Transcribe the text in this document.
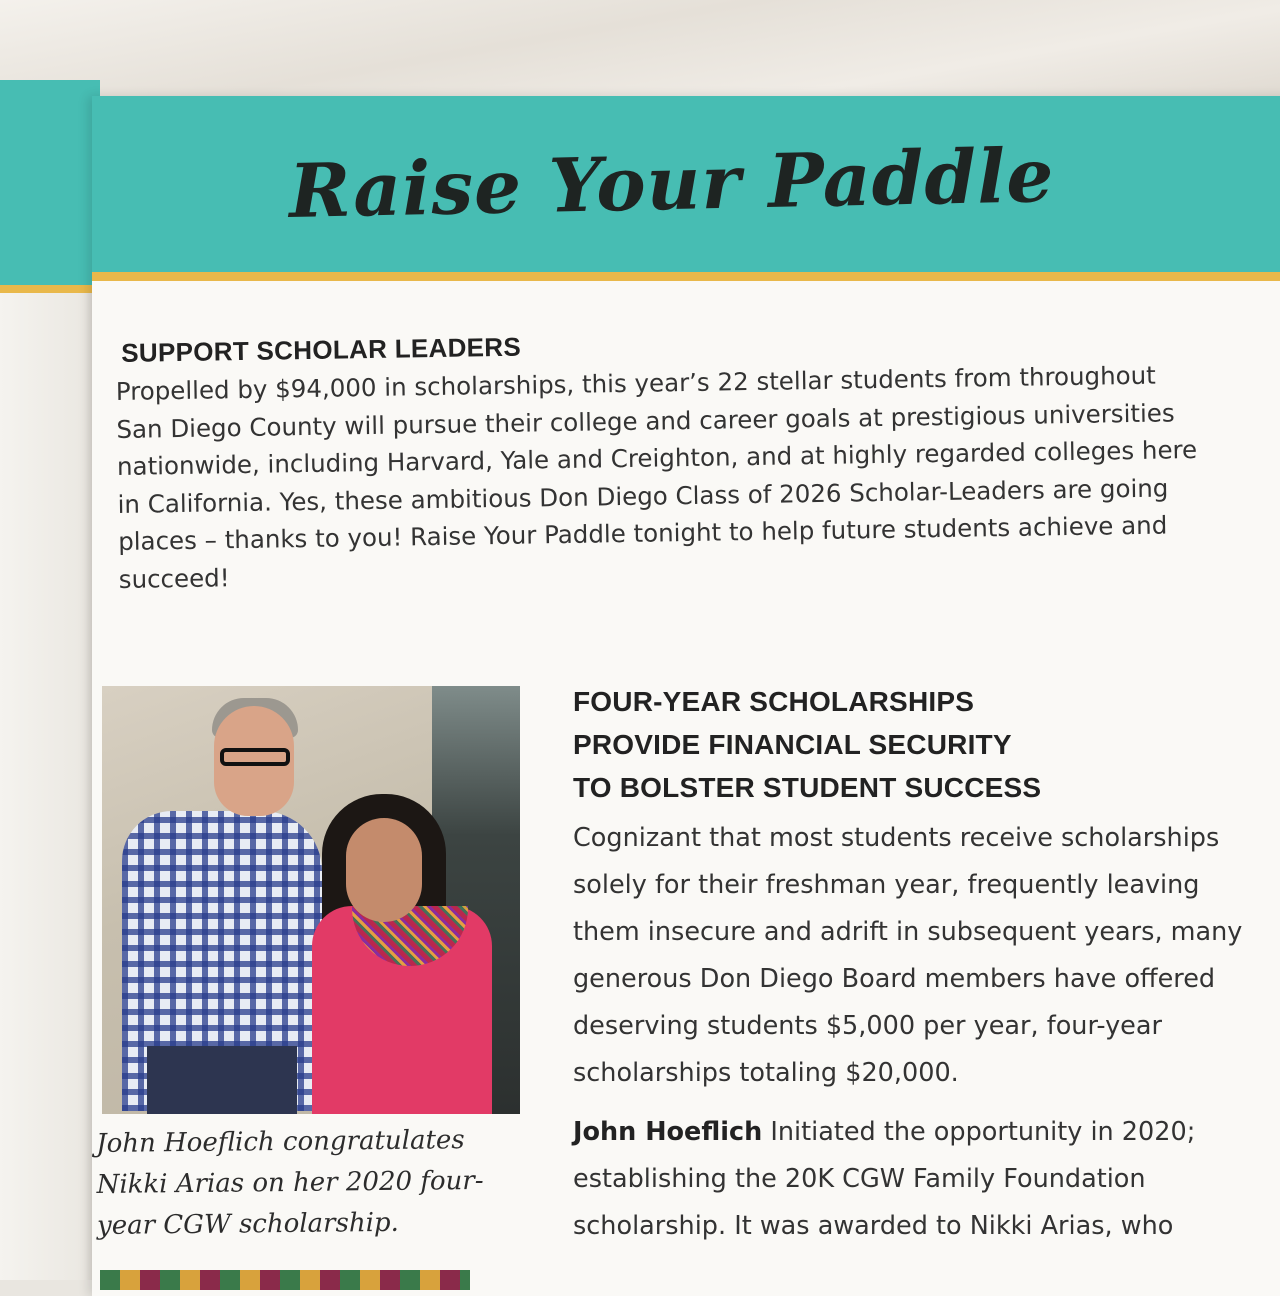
Raise Your Paddle
SUPPORT SCHOLAR LEADERS

Propelled by $94,000 in scholarships, this year’s 22 stellar students from throughout San Diego County will pursue their college and career goals at prestigious universities nationwide, including Harvard, Yale and Creighton, and at highly regarded colleges here in California. Yes, these ambitious Don Diego Class of 2026 Scholar-Leaders are going places – thanks to you! Raise Your Paddle tonight to help future students achieve and succeed!

John Hoeflich congratulates Nikki Arias on her 2020 four-year CGW scholarship.

FOUR-YEAR SCHOLARSHIPS
PROVIDE FINANCIAL SECURITY
TO BOLSTER STUDENT SUCCESS

Cognizant that most students receive scholarships solely for their freshman year, frequently leaving them insecure and adrift in subsequent years, many generous Don Diego Board members have offered deserving students $5,000 per year, four-year scholarships totaling $20,000.

John Hoeflich Initiated the opportunity in 2020; establishing the 20K CGW Family Foundation scholarship. It was awarded to Nikki Arias, who
